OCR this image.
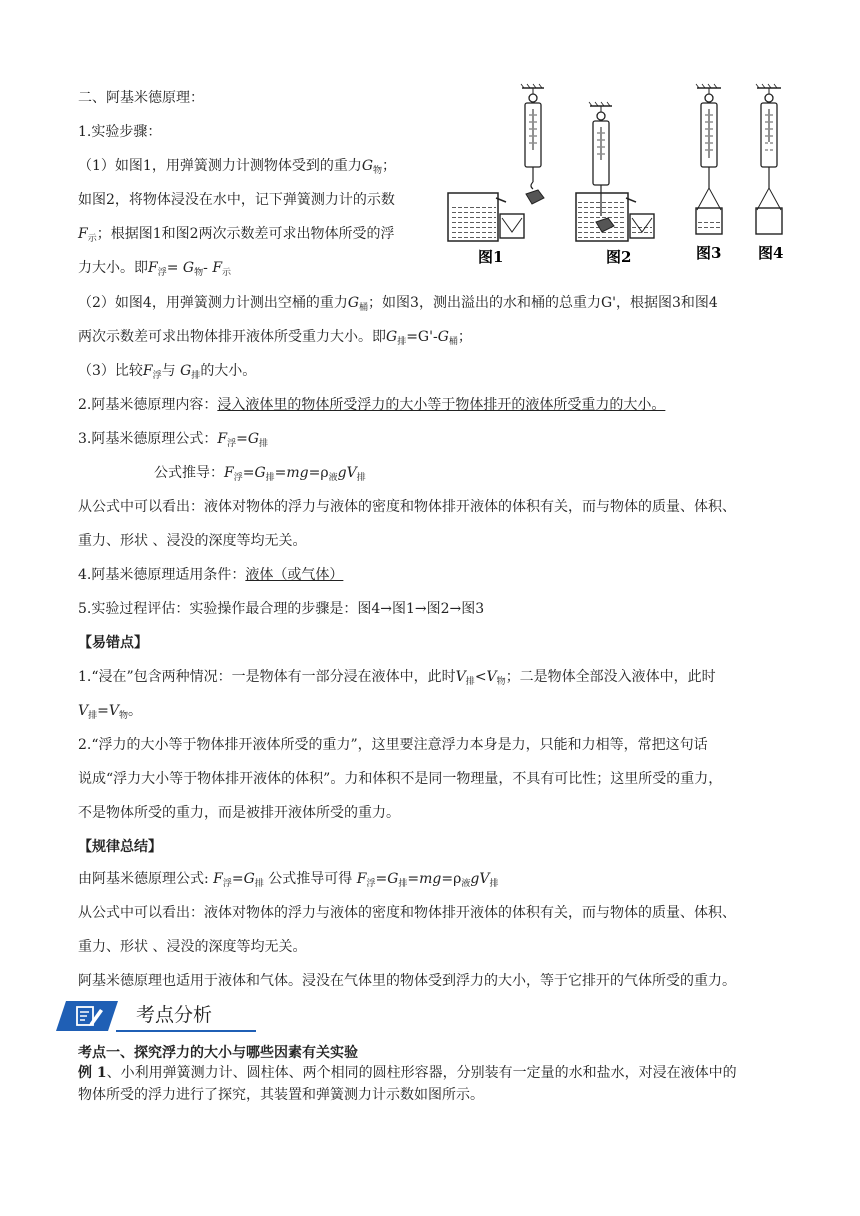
二、阿基米德原理：
1.实验步骤：
（1）如图1，用弹簧测力计测物体受到的重力$G_物$；
如图2，将物体浸没在水中，记下弹簧测力计的示数
$F_示$；根据图1和图2两次示数差可求出物体所受的浮
力大小。即$F_浮= G_物-$ $F_示$
（2）如图4，用弹簧测力计测出空桶的重力$G_桶$；如图3，测出溢出的水和桶的总重力G'，根据图3和图4
两次示数差可求出物体排开液体所受重力大小。即$G_排=G'-G_桶$；
（3）比较$F_浮$与 $G_排$的大小。
2.阿基米德原理内容：浸入液体里的物体所受浮力的大小等于物体排开的液体所受重力的大小。
3.阿基米德原理公式：$F_浮=G_排$
公式推导：$F_浮=G_排=mg=\rho_液gV_排$
从公式中可以看出：液体对物体的浮力与液体的密度和物体排开液体的体积有关，而与物体的质量、体积、
重力、形状 、浸没的深度等均无关。
4.阿基米德原理适用条件：液体（或气体）
5.实验过程评估：实验操作最合理的步骤是：图4→图1→图2→图3
【易错点】
1.“浸在”包含两种情况：一是物体有一部分浸在液体中，此时$V_排<V_物$；二是物体全部没入液体中，此时
$V_排=V_物$。
2.“浮力的大小等于物体排开液体所受的重力”，这里要注意浮力本身是力，只能和力相等，常把这句话
说成“浮力大小等于物体排开液体的体积”。力和体积不是同一物理量，不具有可比性；这里所受的重力，
不是物体所受的重力，而是被排开液体所受的重力。
【规律总结】
由阿基米德原理公式: $F_浮=G_排$ 公式推导可得 $F_浮=G_排=mg=\rho_液gV_排$
从公式中可以看出：液体对物体的浮力与液体的密度和物体排开液体的体积有关，而与物体的质量、体积、
重力、形状 、浸没的深度等均无关。
阿基米德原理也适用于液体和气体。浸没在气体里的物体受到浮力的大小，等于它排开的气体所受的重力。
考点分析
考点一、探究浮力的大小与哪些因素有关实验
例 1、小利用弹簧测力计、圆柱体、两个相同的圆柱形容器，分别装有一定量的水和盐水，对浸在液体中的
物体所受的浮力进行了探究，其装置和弹簧测力计示数如图所示。
图1	图2	图3 图4
